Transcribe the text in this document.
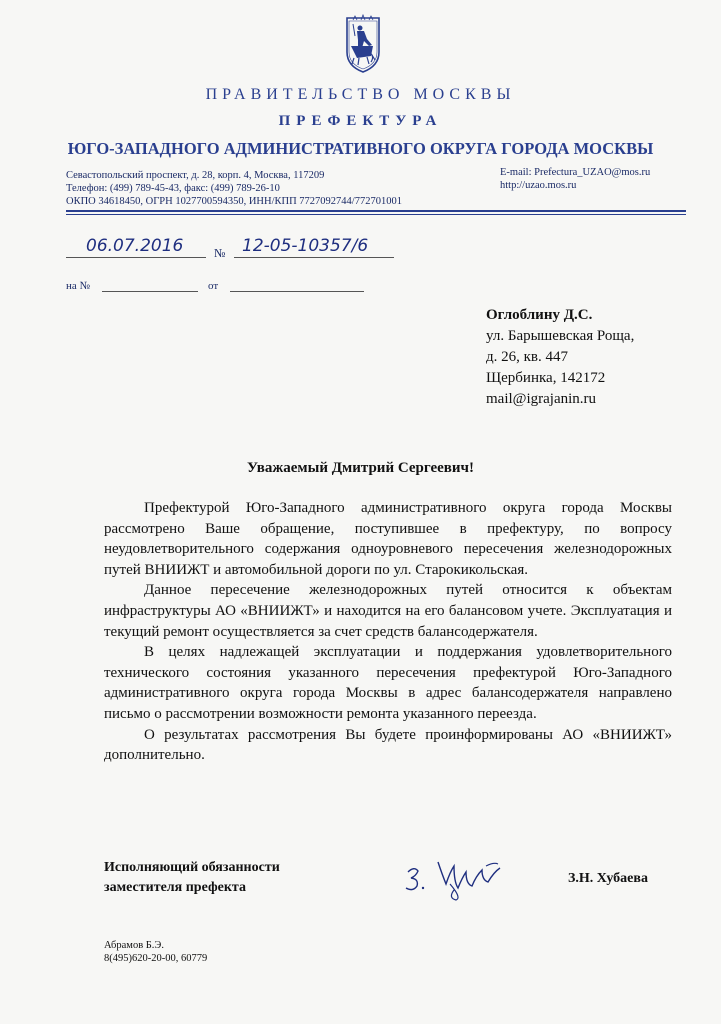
ПРАВИТЕЛЬСТВО МОСКВЫ
ПРЕФЕКТУРА
ЮГО-ЗАПАДНОГО АДМИНИСТРАТИВНОГО ОКРУГА ГОРОДА МОСКВЫ
Севастопольский проспект, д. 28, корп. 4, Москва, 117209
Телефон: (499) 789-45-43, факс: (499) 789-26-10
ОКПО 34618450, ОГРН 1027700594350, ИНН/КПП 7727092744/772701001
E-mail: Prefectura_UZAO@mos.ru
http://uzao.mos.ru
06.07.2016	№ 12-05-10357/6
на №	от
Оглоблину Д.С.
ул. Барышевская Роща,
д. 26, кв. 447
Щербинка, 142172
mail@igrajanin.ru
Уважаемый Дмитрий Сергеевич!

Префектурой Юго-Западного административного округа города Москвы рассмотрено Ваше обращение, поступившее в префектуру, по вопросу неудовлетворительного содержания одноуровневого пересечения железнодорожных путей ВНИИЖТ и автомобильной дороги по ул. Старокикольская.

Данное пересечение железнодорожных путей относится к объектам инфраструктуры АО «ВНИИЖТ» и находится на его балансовом учете. Эксплуатация и текущий ремонт осуществляется за счет средств балансодержателя.

В целях надлежащей эксплуатации и поддержания удовлетворительного технического состояния указанного пересечения префектурой Юго-Западного административного округа города Москвы в адрес балансодержателя направлено письмо о рассмотрении возможности ремонта указанного переезда.

О результатах рассмотрения Вы будете проинформированы АО «ВНИИЖТ» дополнительно.

Исполняющий обязанности
заместителя префекта
З.Н. Хубаева
Абрамов Б.Э.
8(495)620-20-00, 60779
